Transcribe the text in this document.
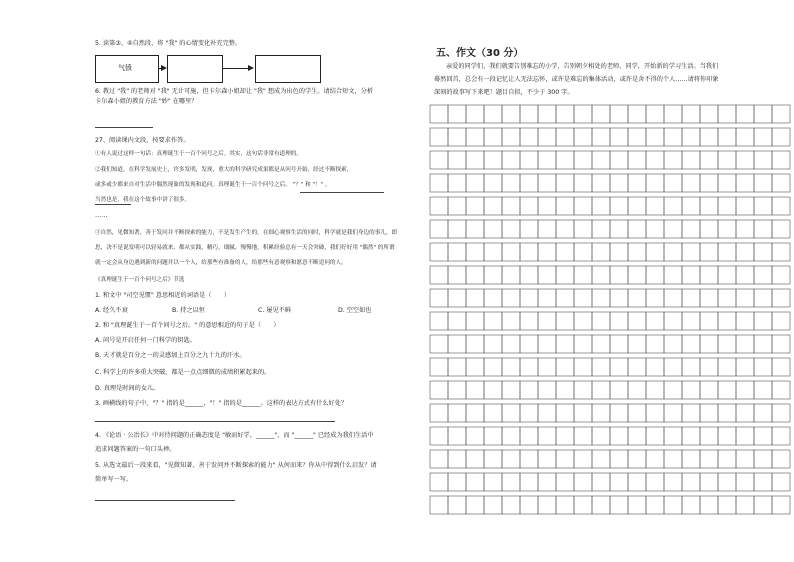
5. 读第③、④自然段，将 "我" 的心情变化补充完整。
气愤
6. 教过 "我" 的老师对 "我" 无计可施，但卡尔森小姐却让 "我" 想成为出色的学生。请结合短文，分析
卡尔森小姐的教育方法 "妙" 在哪里？
27、阅读课内文段，按要求作答。
①有人说过这样一句话：真理诞生于一百个问号之后。其实，这句话非常有道理的。
②我们知道，在科学发展史上，许多发明，发现，重大的科学研究成果都是从问号开始，经过不断探索，
或多或少都来自对生活中偶然现象的发现和追问。真理诞生于一百个问号之后。 "？" 和 "！" ，
当然也是，我在这个故事中讲了很多。
……
③自然，见微知著，善于发问并不断探索的能力，不是发生产生的。在细心观察生活的同时，科学就是我们身边的事儿，即
思，决不是说发明可以轻易就来，都从实践，精巧，细腻，慢慢地，积累经验总有一天会突破，我们好好用 "偶然" 的所谓
就一定会从身边遇到新的问题并以一个人，给那些有准备的人，给那些有意观察和愿意不断追问的人。
《真理诞生于一百个问号之后》节选
1. 和文中 "司空见惯" 意思相近的词语是（　　）
A. 经久不衰	B. 持之以恒	C. 屡见不鲜	D. 空空如也
2. 和 "真理诞生于一百个问号之后。" 的意思相近的句子是（　　）
A. 问号是开启任何一门科学的钥匙。
B. 天才就是百分之一的灵感加上百分之九十九的汗水。
C. 科学上的许多重大突破，都是一点点细微的成绩积累起来的。
D. 真理是时间的女儿。
3. 画横线的句子中，"？" 指的是______，"！" 指的是______。这样的表达方式有什么好处？
4. 《论语 · 公冶长》中对待问题的正确态度是 "敏而好学，______"，而 "______" 已经成为我们生活中
追求问题答案的一句口头禅。
5. 从选文最后一段来看，"见微知著、善于发问并不断探索的能力" 从何而来？你从中得到什么启发？请
简单写一写。
五、作文（30 分）
亲爱的同学们，我们就要告别难忘的小学，告别朝夕相处的老师、同学，开始新的学习生活。当我们
蓦然回首，总会有一段记忆让人无法忘怀，或许是难忘的集体活动，或许是舍不得的个人……请将你印象
深刻的故事写下来吧！题目自拟，不少于 300 字。
